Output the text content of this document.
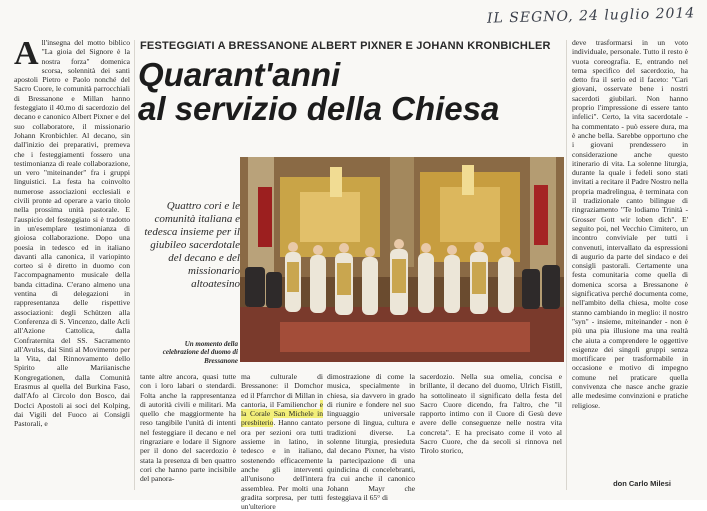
IL SEGNO, 24 luglio 2014
A ll'insegna del motto biblico "La gioia del Signore è la nostra forza" domenica scorsa, solennità dei santi apostoli Pietro e Paolo nonché del Sacro Cuore, le comunità parrocchiali di Bressanone e Millan hanno festeggiato il 40.mo di sacerdozio del decano e canonico Albert Pixner e del suo collaboratore, il missionario Johann Kronbichler. Al decano, sin dall'inizio dei preparativi, premeva che i festeggiamenti fossero una testimonianza di reale collaborazione, un vero "miteinander" fra i gruppi linguistici. La festa ha coinvolto numerose associazioni ecclesiali e civili pronte ad operare a vario titolo nella prossima unità pastorale. E l'auspicio del festeggiato si è tradotto in un'esemplare testimonianza di gioiosa collaborazione. Dopo una poesia in tedesco ed in italiano davanti alla canonica, il variopinto corteo si è diretto in duomo con l'accompagnamento musicale della banda cittadina. C'erano almeno una ventina di delegazioni in rappresentanza delle rispettive associazioni: degli Schützen alla Conferenza di S. Vincenzo, dalle Acli all'Azione Cattolica, dalla Confraternita del SS. Sacramento all'Avulss, dai Sinti al Movimento per la Vita, dal Rinnovamento dello Spirito alle Mariianische Kongregationen, dalla Comunità Erasmus al quella del Burkina Faso, dall'Afo al Circolo don Bosco, dai Doclci Apostoli ai soci del Kolping, dai Vigili del Fuoco ai Consigli Pastorali, e
FESTEGGIATI A BRESSANONE ALBERT PIXNER E JOHANN KRONBICHLER
Quarant'anni
al servizio della Chiesa
Quattro cori e le comunità italiana e tedesca insieme per il giubileo sacerdotale del decano e del missionario altoatesino
Un momento della celebrazione del duomo di Bressanone
tante altre ancora, quasi tutte con i loro labari o stendardi. Folta anche la rappresentanza di autorità civili e militari. Ma quello che maggiormente ha reso tangibile l'unità di intenti nel festeggiare il decano e nel ringraziare e lodare il Signore per il dono del sacerdozio è stata la presenza di ben quattro cori che hanno parte incisibile del panora-
ma culturale di Bressanone: il Domchor ed il Pfarrchor di Millan in cantoria, il Familienchor e la Corale San Michele in presbiterio. Hanno cantato ora per sezioni ora tutti assieme in latino, in tedesco e in italiano, sostenendo efficacemente anche gli interventi all'unisono dell'intera assemblea. Per molti una gradita sorpresa, per tutti un'ulteriore
dimostrazione di come la musica, specialmente in chiesa, sia davvero in grado di riunire e fondere nel suo linguaggio universale persone di lingua, cultura e tradizioni diverse. La solenne liturgia, presieduta dal decano Pixner, ha visto la partecipazione di una quindicina di concelebranti, fra cui anche il canonico Johann Mayr che festeggiava il 65° di
sacerdozio. Nella sua omelia, concisa e brillante, il decano del duomo, Ulrich Fistill, ha sottolineato il significato della festa del Sacro Cuore dicendo, fra l'altro, che "il rapporto intimo con il Cuore di Gesù deve avere delle conseguenze nelle nostra vita concreta". E ha precisato come il voto al Sacro Cuore, che da secoli si rinnova nel Tirolo storico,
deve trasformarsi in un voto individuale, personale. Tutto il resto è vuota coreografia. E, entrando nel tema specifico del sacerdozio, ha detto fra il serio ed il faceto: "Cari giovani, osservate bene i nostri sacerdoti giubilari. Non hanno proprio l'impressione di essere tanto infelici". Certo, la vita sacerdotale - ha commentato - può essere dura, ma è anche bella. Sarebbe opportuno che i giovani prendessero in considerazione anche questo itinerario di vita. La solenne liturgia, durante la quale i fedeli sono stati invitati a recitare il Padre Nostro nella propria madrelingua, è terminata con il tradizionale canto bilingue di ringraziamento "Te lodiamo Trinità - Grosser Gott wir loben dich". E' seguito poi, nel Vecchio Cimitero, un incontro conviviale per tutti i convenuti, intervallato da espressioni di augurio da parte del sindaco e dei consigli pastorali. Certamente una festa comunitaria come quella di domenica scorsa a Bressanone è significativa perché documenta come, nell'ambito della chiesa, molte cose stanno cambiando in meglio: il nostro "syn" - insieme, miteinander - non è più una pia illusione ma una realtà che aiuta a comprendere le oggettive esigenze dei singoli gruppi senza mortificare per trasformabile in occasione e motivo di impegno comune nel praticare quella convivenza che nasce anche grazie alle medesime convinzioni e pratiche religiose.
don Carlo Milesi
